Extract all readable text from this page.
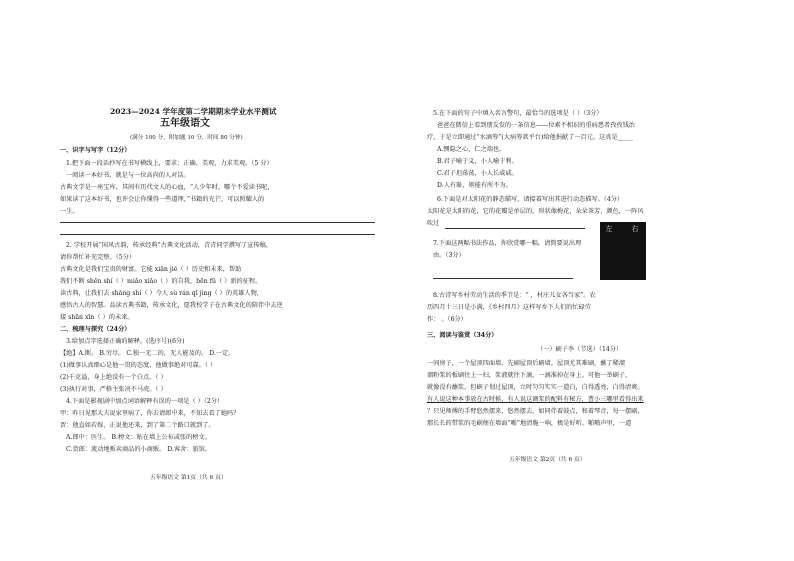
2023—2024 学年度第二学期期末学业水平测试
五年级语文
(满分 100 分，附加题 10 分，时间 80 分钟)
一、识字与写字（12分）
1.把下面一段话抄写在书写横线上，要求：正确、美观，力求美观。（5 分）
一阅读一本好书，就是与一位高尚的人对话。
古典文学是一座宝库，其间有历代文人的心血，“人少年时，哪个不爱读书呢，
如果读了这本好书，也许会让你懂得一些道理，”书籍的光芒，可以照耀人的
一生。
2. 学校开展“国风古韵，传承经典”古典文化活动，青青同学撰写了宣传稿，
请你帮忙补充完整。（5分）
古典文化是我们宝贵的财富。它能 xiān jié（ ）历史和未来，帮助
我们不断 shēn shí（ ）miǎo xiǎo（ ）的自我，bēn fū（ ）新的征程。
读古典，让我们去 shǎng shí（ ）令人 sù rán qǐ jìng（ ）的英雄人物，
感悟古人的智慧。品读古典书籍，传承文化，愿我校学子在古典文化的陪伴中去逆
接 shān xīn（ ）的未来。
二、梳理与探究（24分）
3.给加点字选择正确的解释。(选序号)(6分)
【绝】A.断。 B.穷尽。 C.独一无二的，无人能及的。 D.一定。
(1)做事认真细心是他一贯的态度，他做事绝对可靠。（ ）
(2)千克溢，身上绝没有一个白点。（ ）
(3)执行对事，严格主张决不马虎。（ ）
4.下面是影视剧中加点词语解释有误的一项是（ ）（2分）
甲：昨日见那大夫说家里病了，你去请郎中来，不知去看了她吗？
贾：他直如若嫁，正说他还来，到了第二个路口就到了。
A.郎中：医生。 B.榜文：贴在墙上公布或张的榜文。
C.货郎：流动地贩卖商品的小商贩。 D.客舍：旅馆。
五年级语文 第1页（共 6 页）
5.在下面的句子中填入名言警句，最恰当的选项是（ ）（3分）
爸爸在微信上看到朋友发的一条信息——位素不相识的重病患者孜孜钱治
疗，于是立即通过“水滴筹”(大病筹款平台)给他捐献了一百元。这真是_____
A.恻隐之心，仁之端也。
B.君子喻于义，小人喻于利。
C.君子坦荡荡，小人长戚戚。
D.人有耻，则能有所不为。
6.下面是对太阳花的静态描写，请接着写出其进行动态描写。（4分）
太阳花是太阳的花，它的花瓣是单层的，形状像梅花，朵朵茶芳，颜色，一阵风
吹过
7.下面这两幅书法作品，你欣赏哪一幅，请简要说出理
由。（3分）
左	右
8.古诗写乡村劳动生活的季节是：“ ，村庄儿女各当家”。农
历四月十三日是小满，《乡村四月》这样写乡下人们的忙碌劳
作： 。（6分）
三、阅读与鉴赏（34分）
（一）刷子李（节选）（14分）
一间房子，一个屋顶四面墙，先刷屋顶后刷墙。屋顶尤其难刷，蘸了稀溜
溜粉浆的板刷往上一扫，浆液就往下滴，一滴准掉在身上。可他一举刷子，
就像没有蘸浆。但刷子划过屋顶，立时匀匀实实一道白，白得透亮，白得清爽。
有人说这种本事放在古时候，有人说这调浆的配料有秘方，曹小三哪里看得出来
？只见师傅的手臂悠然摆来，悠然摆去，如同伴着鼓点，和着琴音，每一摆刷，
那长长的带浆的毛刷便在墙面“啪”地清脆一响，极是好听。啪啪声里，一道
五年级语文 第2页（共 6 页）
